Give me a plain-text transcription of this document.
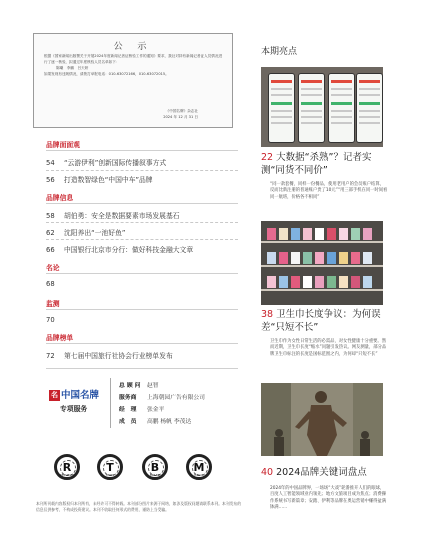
公 示
根据《国家新闻出版署关于开展2024年度新闻记者证核验工作的通知》要求，我社对持有新闻记者证人员情况进行了逐一核验，拟通过年度核验人员名单如下：
陈曦　李鹏　吕天妍
如果发现有违规情况，请拨打举报电话：010-63072166，010-63072015。
《中国名牌》杂志社
2024 年 12 月 31 日
品牌面面观
54 “云游伊利”创新国际传播叙事方式
56 打造数智绿色“中国中车”品牌
品牌信息
58 胡伯勇：安全是数据要素市场发展基石
62 沈阳养出“一池好鱼”
66 中国银行北京市分行：做好科技金融大文章
名论
68
监测
70
品牌榜单
72 第七届中国旅行社协会行业榜单发布
名 中国名牌
专项服务
总 顾 问 赵智
服务商 上海朝园广告有限公司
经　理 张金平
成　员 高鹏 杨帆 李茂达
R
REPUBLIC
T
THINK
B
BRAND
M
MEDIA
本刊所刊载内容版权归本刊所有，未经许可不得转载。本刊部分图片来源于网络，如涉及版权问题请联系本刊。本刊发布的信息仅供参考，不构成投资建议。本刊不收取任何形式的费用，谨防上当受骗。
本期亮点
22 大数据“杀熟”？记者实测“同货不同价”
“同一款套餐，同样一份餐品，使用老用户的会员账户结算，反而比新注册的普通账户贵了10元”“用三部手机在同一时间看同一航班，价格各不相同”
38 卫生巾长度争议：为何误差“只短不长”
卫生巾作为女性日常生活的必需品，对女性健康十分重要。然而近期，卫生巾长度“缩水”问题引发热议。网友测量，部分品牌卫生巾标注的长度是国标范围之内，为何却“只短不长”
40 2024品牌关键词盘点
2024年的中国品牌界，一场场“大戏”轮番推开人们的眼球，百度人工智能领域业内领先；地方文旅项目成为焦点；消费操作系统书写新篇章；安踏、伊利等品牌在奥运营销中赚得盆满钵满……
